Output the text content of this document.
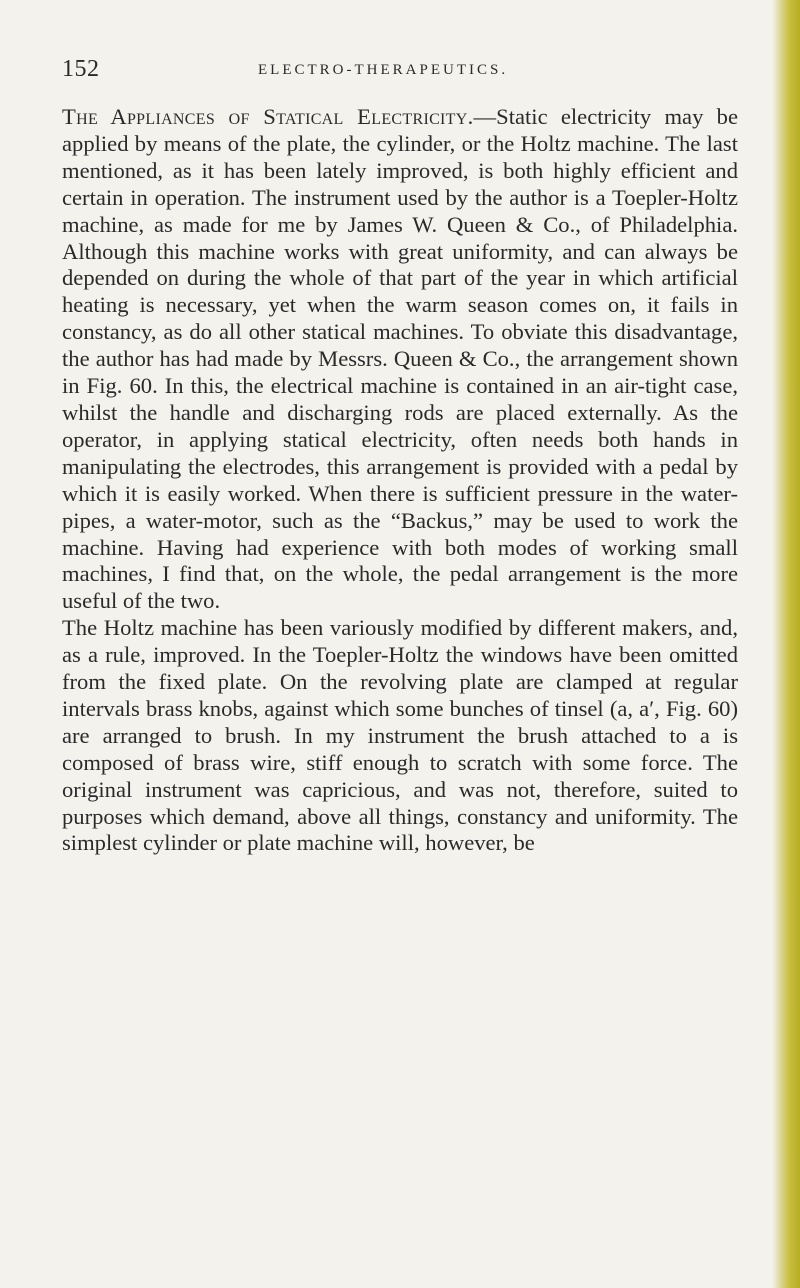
152	ELECTRO-THERAPEUTICS.

The Appliances of Statical Electricity.—Static electricity may be applied by means of the plate, the cylinder, or the Holtz machine. The last mentioned, as it has been lately improved, is both highly efficient and certain in operation. The instrument used by the author is a Toepler-Holtz machine, as made for me by James W. Queen & Co., of Philadelphia. Although this machine works with great uniformity, and can always be depended on during the whole of that part of the year in which artificial heating is necessary, yet when the warm season comes on, it fails in constancy, as do all other statical machines. To obviate this disadvantage, the author has had made by Messrs. Queen & Co., the arrangement shown in Fig. 60. In this, the electrical machine is contained in an air-tight case, whilst the handle and discharging rods are placed externally. As the operator, in applying statical electricity, often needs both hands in manipulating the electrodes, this arrangement is provided with a pedal by which it is easily worked. When there is sufficient pressure in the water-pipes, a water-motor, such as the “Backus,” may be used to work the machine. Having had experience with both modes of working small machines, I find that, on the whole, the pedal arrangement is the more useful of the two.

The Holtz machine has been variously modified by different makers, and, as a rule, improved. In the Toepler-Holtz the windows have been omitted from the fixed plate. On the revolving plate are clamped at regular intervals brass knobs, against which some bunches of tinsel (a, a′, Fig. 60) are arranged to brush. In my instrument the brush attached to a is composed of brass wire, stiff enough to scratch with some force. The original instrument was capricious, and was not, therefore, suited to purposes which demand, above all things, constancy and uniformity. The simplest cylinder or plate machine will, however, be
